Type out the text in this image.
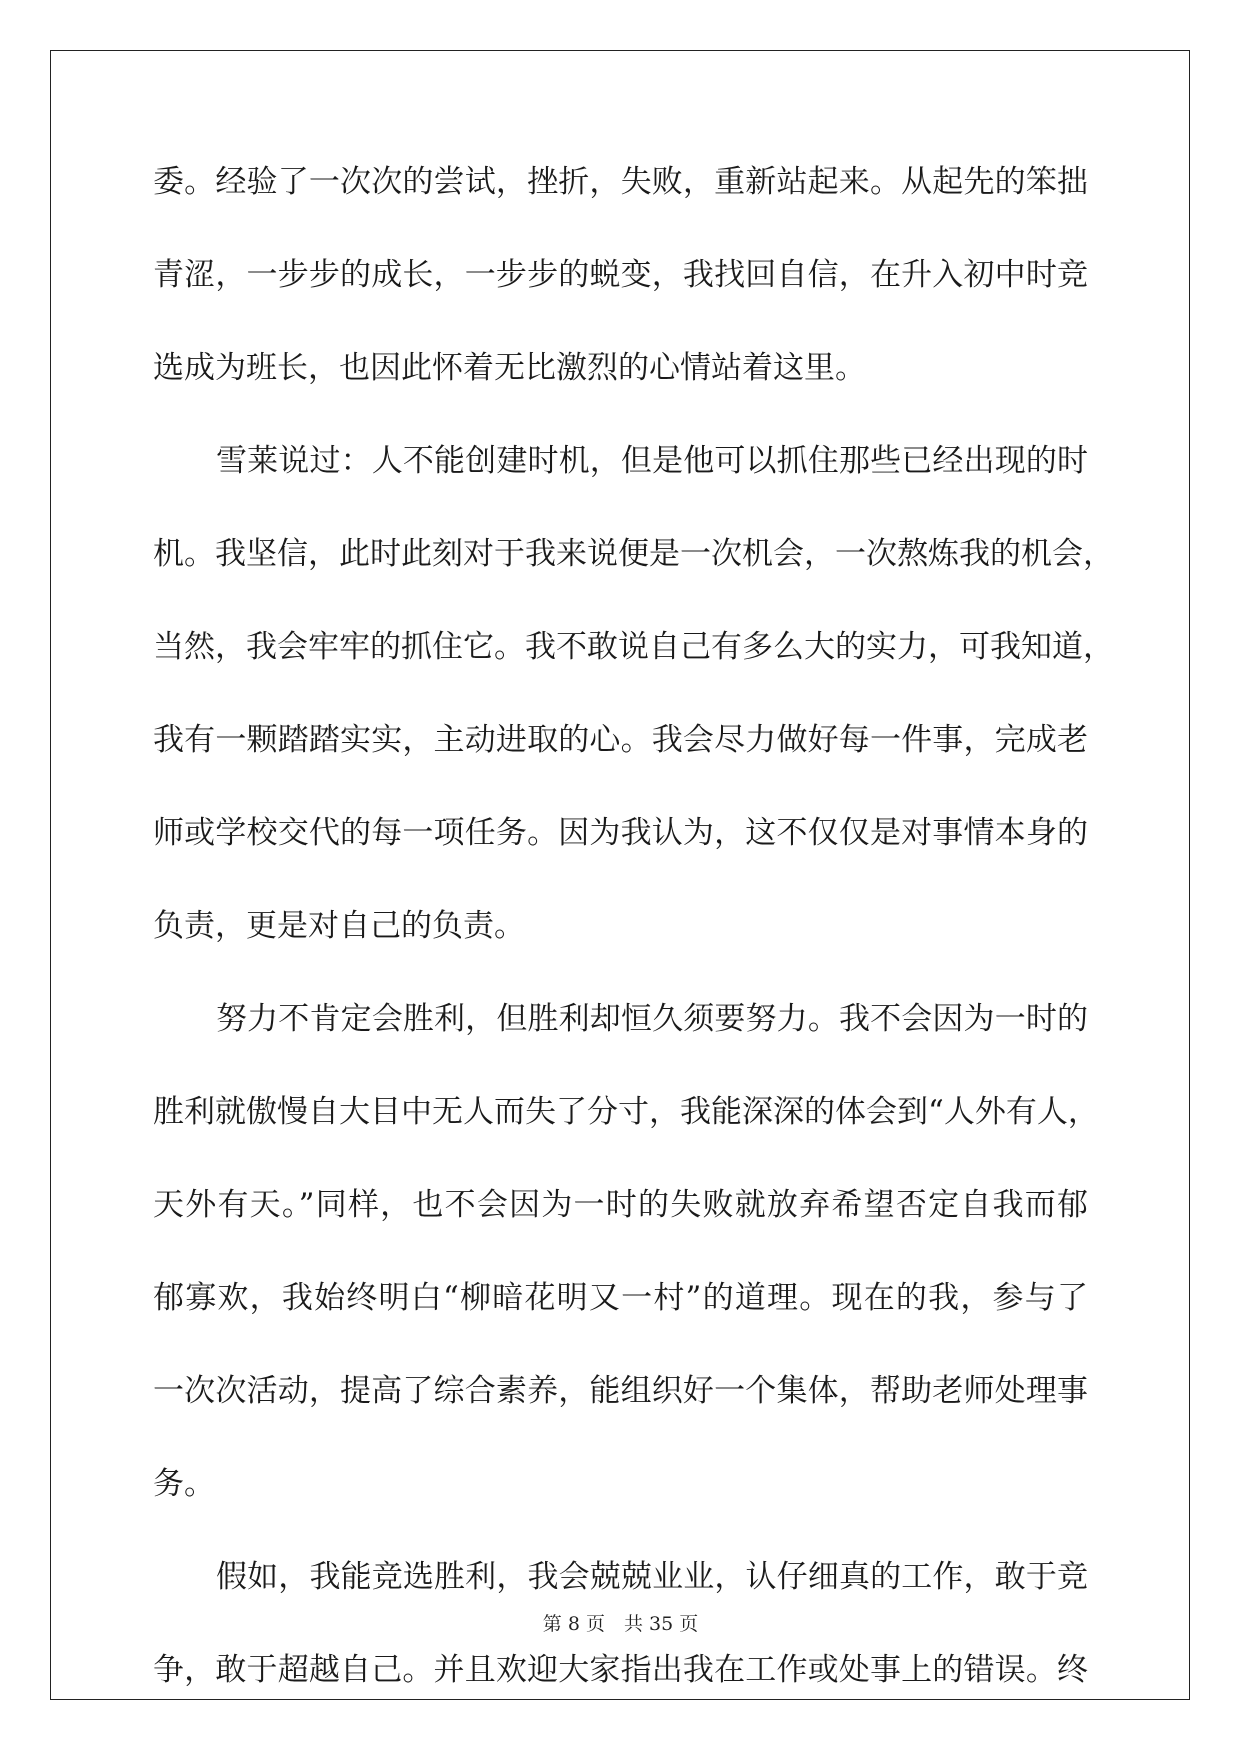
委。经验了一次次的尝试，挫折，失败，重新站起来。从起先的笨拙
青涩，一步步的成长，一步步的蜕变，我找回自信，在升入初中时竞
选成为班长，也因此怀着无比激烈的心情站着这里。
雪莱说过：人不能创建时机，但是他可以抓住那些已经出现的时
机。我坚信，此时此刻对于我来说便是一次机会，一次熬炼我的机会，
当然，我会牢牢的抓住它。我不敢说自己有多么大的实力，可我知道，
我有一颗踏踏实实，主动进取的心。我会尽力做好每一件事，完成老
师或学校交代的每一项任务。因为我认为，这不仅仅是对事情本身的
负责，更是对自己的负责。
努力不肯定会胜利，但胜利却恒久须要努力。我不会因为一时的
胜利就傲慢自大目中无人而失了分寸，我能深深的体会到“人外有人，
天外有天。”同样，也不会因为一时的失败就放弃希望否定自我而郁
郁寡欢，我始终明白“柳暗花明又一村”的道理。现在的我，参与了
一次次活动，提高了综合素养，能组织好一个集体，帮助老师处理事
务。
假如，我能竞选胜利，我会兢兢业业，认仔细真的工作，敢于竞
争，敢于超越自己。并且欢迎大家指出我在工作或处事上的错误。终
第 8 页　共 35 页
